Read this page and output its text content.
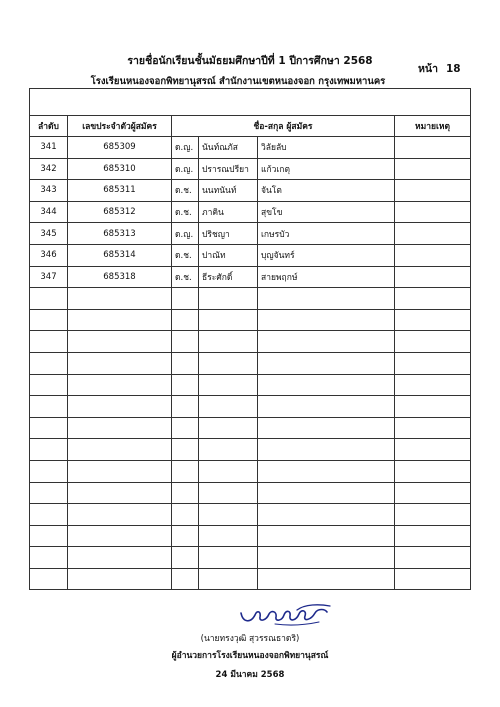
รายชื่อนักเรียนชั้นมัธยมศึกษาปีที่ 1 ปีการศึกษา 2568
หน้า 18
โรงเรียนหนองจอกพิทยานุสรณ์ สำนักงานเขตหนองจอก กรุงเทพมหานคร

ลำดับ	เลขประจำตัวผู้สมัคร	ชื่อ-สกุล ผู้สมัคร			หมายเหตุ
341	685309	ด.ญ.	นันท์ณภัส	วิลัยลับ	
342	685310	ด.ญ.	ปรารณปรียา	แก้วเกตุ	
343	685311	ด.ช.	นนทนันท์	จันโต	
344	685312	ด.ช.	ภาคิน	สุขโข	
345	685313	ด.ญ.	ปริชญา	เกษรบัว	
346	685314	ด.ช.	ปาณัท	บุญจันทร์	
347	685318	ด.ช.	ธีระศักดิ์	สายพฤกษ์	

(นายทรงวุฒิ สุวรรณธาดริ)
ผู้อำนวยการโรงเรียนหนองจอกพิทยานุสรณ์
24 มีนาคม 2568
